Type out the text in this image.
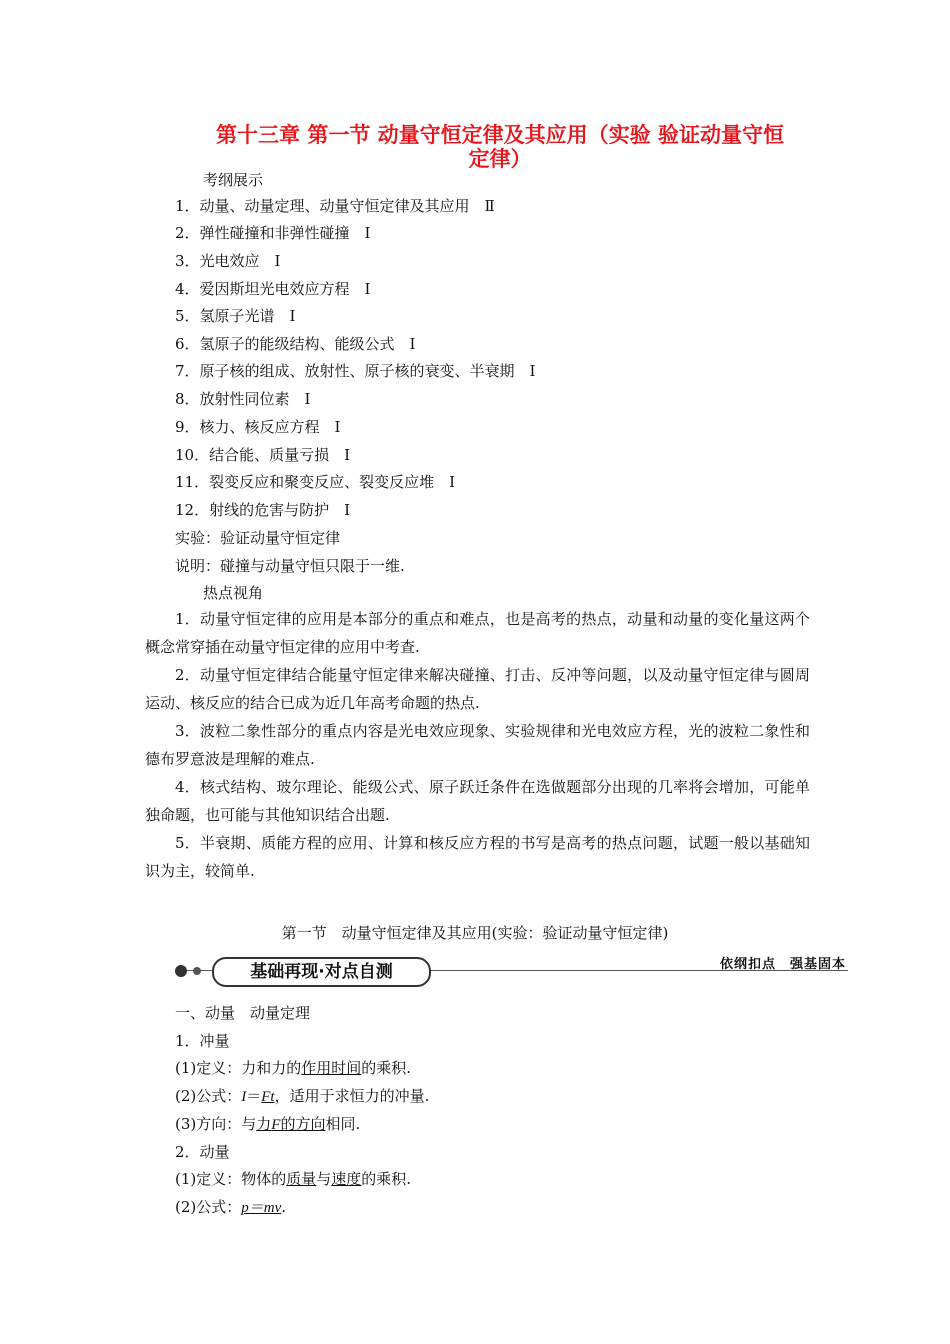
第十三章 第一节 动量守恒定律及其应用（实验 验证动量守恒
定律）
考纲展示
1．动量、动量定理、动量守恒定律及其应用　Ⅱ
2．弹性碰撞和非弹性碰撞　Ⅰ
3．光电效应　Ⅰ
4．爱因斯坦光电效应方程　Ⅰ
5．氢原子光谱　Ⅰ
6．氢原子的能级结构、能级公式　Ⅰ
7．原子核的组成、放射性、原子核的衰变、半衰期　Ⅰ
8．放射性同位素　Ⅰ
9．核力、核反应方程　Ⅰ
10．结合能、质量亏损　Ⅰ
11．裂变反应和聚变反应、裂变反应堆　Ⅰ
12．射线的危害与防护　Ⅰ
实验：验证动量守恒定律
说明：碰撞与动量守恒只限于一维.
热点视角
1．动量守恒定律的应用是本部分的重点和难点，也是高考的热点，动量和动量的变化量这两个概念常穿插在动量守恒定律的应用中考查.
2．动量守恒定律结合能量守恒定律来解决碰撞、打击、反冲等问题，以及动量守恒定律与圆周运动、核反应的结合已成为近几年高考命题的热点.
3．波粒二象性部分的重点内容是光电效应现象、实验规律和光电效应方程，光的波粒二象性和德布罗意波是理解的难点.
4．核式结构、玻尔理论、能级公式、原子跃迁条件在选做题部分出现的几率将会增加，可能单独命题，也可能与其他知识结合出题.
5．半衰期、质能方程的应用、计算和核反应方程的书写是高考的热点问题，试题一般以基础知识为主，较简单.
第一节　动量守恒定律及其应用(实验：验证动量守恒定律)
基础再现·对点自测	依纲扣点　强基固本
一、动量　动量定理
1．冲量
(1)定义：力和力的作用时间的乘积.
(2)公式：I＝Ft，适用于求恒力的冲量.
(3)方向：与力F的方向相同.
2．动量
(1)定义：物体的质量与速度的乘积.
(2)公式：p＝mv.
